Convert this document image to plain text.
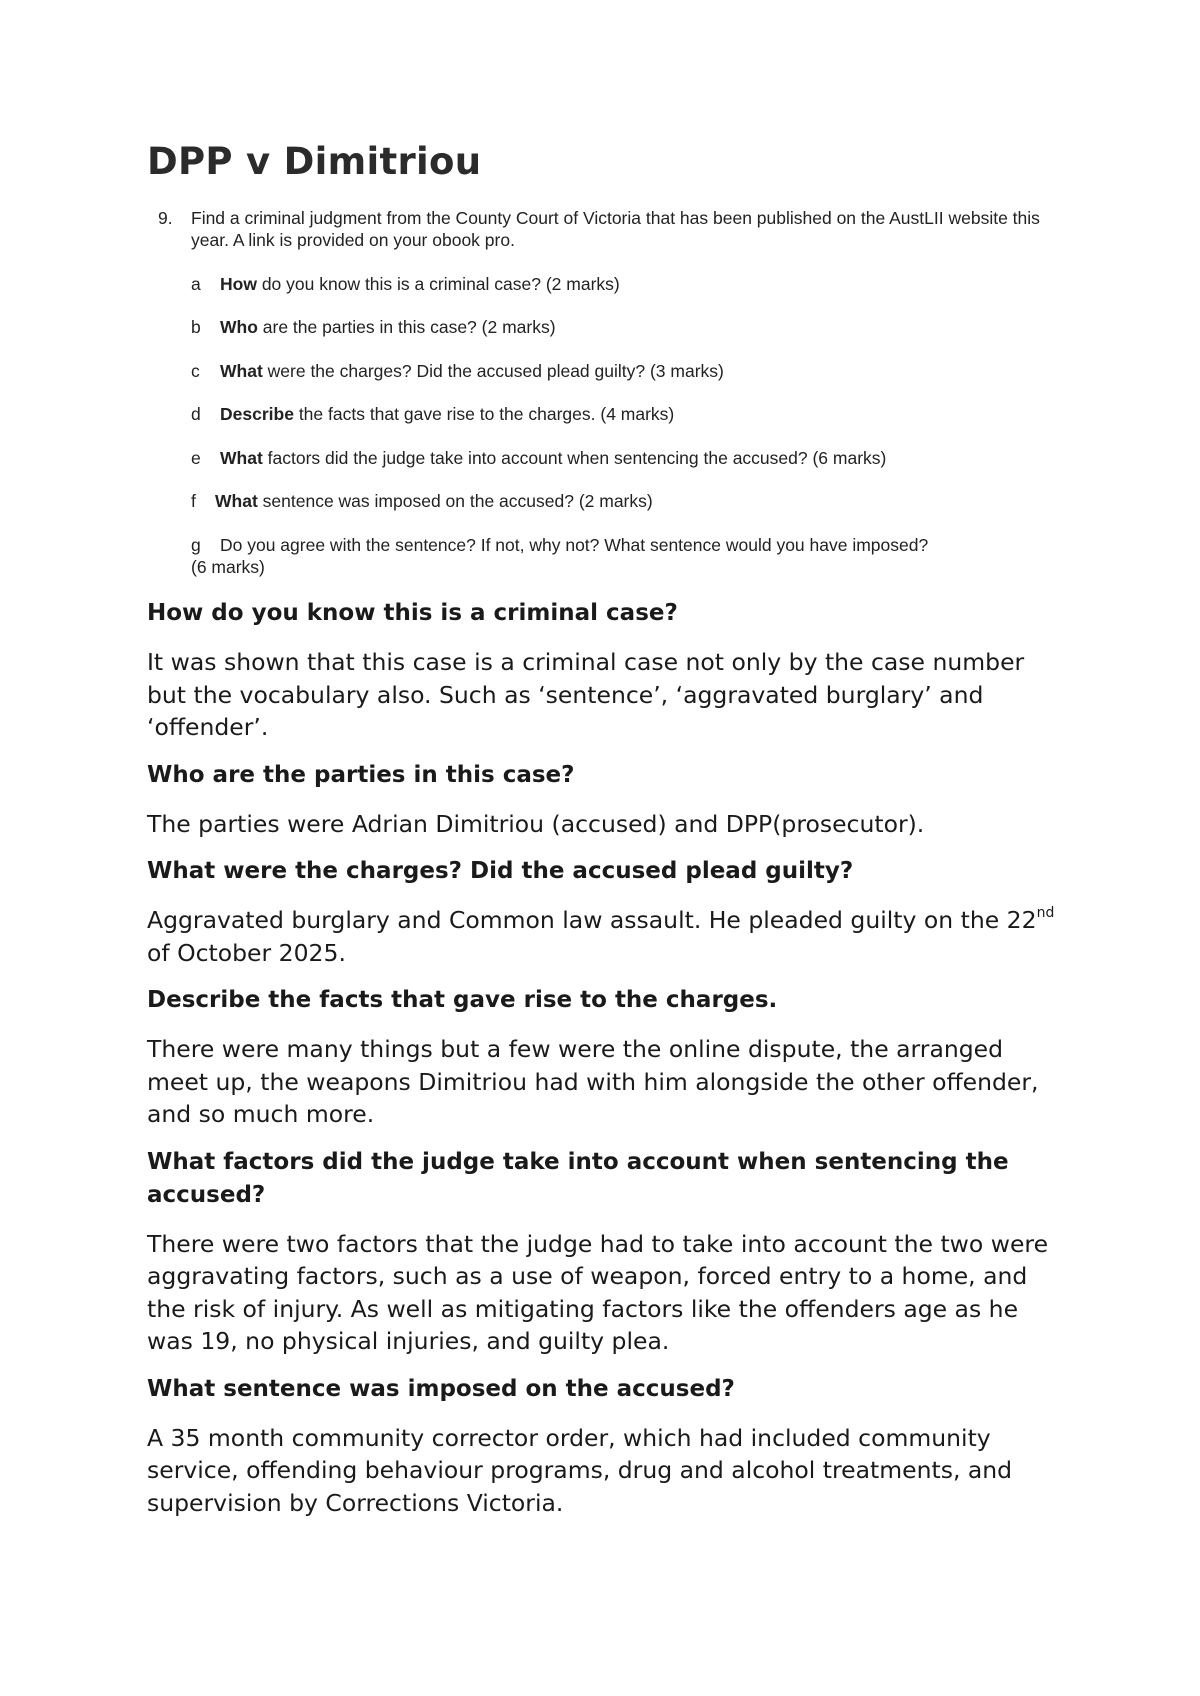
DPP v Dimitriou
9. Find a criminal judgment from the County Court of Victoria that has been published on the AustLII website this year. A link is provided on your obook pro.
a	How do you know this is a criminal case? (2 marks)
b	Who are the parties in this case? (2 marks)
c	What were the charges? Did the accused plead guilty? (3 marks)
d	Describe the facts that gave rise to the charges. (4 marks)
e	What factors did the judge take into account when sentencing the accused? (6 marks)
f	What sentence was imposed on the accused? (2 marks)
g	Do you agree with the sentence? If not, why not? What sentence would you have imposed?
(6 marks)
How do you know this is a criminal case?

It was shown that this case is a criminal case not only by the case number but the vocabulary also. Such as ‘sentence’, ‘aggravated burglary’ and ‘offender’.

Who are the parties in this case?

The parties were Adrian Dimitriou (accused) and DPP(prosecutor).

What were the charges? Did the accused plead guilty?

Aggravated burglary and Common law assault. He pleaded guilty on the 22nd of October 2025.

Describe the facts that gave rise to the charges.

There were many things but a few were the online dispute, the arranged meet up, the weapons Dimitriou had with him alongside the other offender, and so much more.

What factors did the judge take into account when sentencing the accused?

There were two factors that the judge had to take into account the two were aggravating factors, such as a use of weapon, forced entry to a home, and the risk of injury. As well as mitigating factors like the offenders age as he was 19, no physical injuries, and guilty plea.

What sentence was imposed on the accused?

A 35 month community corrector order, which had included community service, offending behaviour programs, drug and alcohol treatments, and supervision by Corrections Victoria.
